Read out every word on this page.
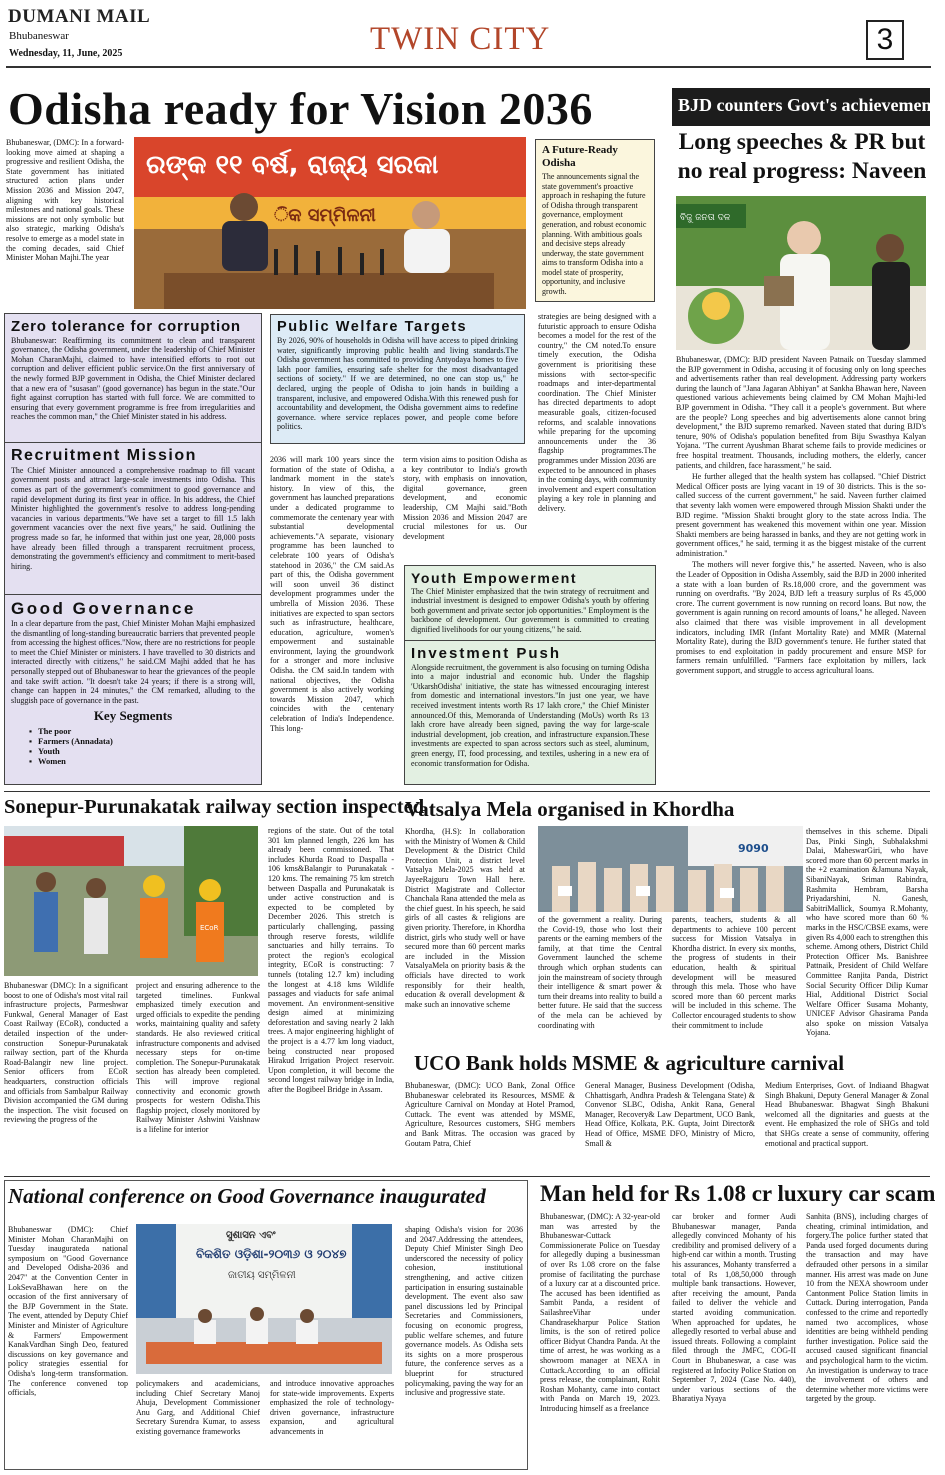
DUMANI MAIL
Bhubaneswar
Wednesday, 11, June, 2025	TWIN CITY	3
Odisha ready for Vision 2036
Bhubaneswar, (DMC): In a forward-looking move aimed at shaping a progressive and resilient Odisha, the State government has initiated structured action plans under Mission 2036 and Mission 2047, aligning with key historical milestones and national goals. These missions are not only symbolic but also strategic, marking Odisha's resolve to emerge as a model state in the coming decades, said Chief Minister Mohan Majhi.The year
ରଙ୍କ ୧୧ ବର୍ଷ, ରାଜ୍ୟ ସରକା
ିକ ସମ୍ମିଳନୀ
A Future-Ready Odisha
The announcements signal the state government's proactive approach in reshaping the future of Odisha through transparent governance, employment generation, and robust economic planning. With ambitious goals and decisive steps already underway, the state government aims to transform Odisha into a model state of prosperity, opportunity, and inclusive growth.
Zero tolerance for corruption
Bhubaneswar: Reaffirming its commitment to clean and transparent governance, the Odisha government, under the leadership of Chief Minister Mohan CharanMajhi, claimed to have intensified efforts to root out corruption and deliver efficient public service.On the first anniversary of the newly formed BJP government in Odisha, the Chief Minister declared that a new era of "susasan" (good governance) has begun in the state."Our fight against corruption has started with full force. We are committed to ensuring that every government programme is free from irregularities and reaches the common man," the Chief Minister stated in his address.
Recruitment Mission
The Chief Minister announced a comprehensive roadmap to fill vacant government posts and attract large-scale investments into Odisha. This comes as part of the government's commitment to good governance and rapid development during its first year in office. In his address, the Chief Minister highlighted the government's resolve to address long-pending vacancies in various departments."We have set a target to fill 1.5 lakh government vacancies over the next five years," he said. Outlining the progress made so far, he informed that within just one year, 28,000 posts have already been filled through a transparent recruitment process, demonstrating the government's efficiency and commitment to merit-based hiring.
Good Governance
In a clear departure from the past, Chief Minister Mohan Majhi emphasized the dismantling of long-standing bureaucratic barriers that prevented people from accessing the highest offices."Now, there are no restrictions for people to meet the Chief Minister or ministers. I have travelled to 30 districts and interacted directly with citizens," he said.CM Majhi added that he has personally stepped out of Bhubaneswar to hear the grievances of the people and take swift action. "It doesn't take 24 years; if there is a strong will, change can happen in 24 minutes," the CM remarked, alluding to the sluggish pace of governance in the past.
Key Segments
▪ The poor
▪ Farmers (Annadata)
▪ Youth
▪ Women
Public Welfare Targets
By 2026, 90% of households in Odisha will have access to piped drinking water, significantly improving public health and living standards.The Odisha government has committed to providing Antyodaya homes to five lakh poor families, ensuring safe shelter for the most disadvantaged sections of society." If we are determined, no one can stop us," he declared, urging the people of Odisha to join hands in building a transparent, inclusive, and empowered Odisha.With this renewed push for accountability and development, the Odisha government aims to redefine governance. where service replaces power, and people come before politics.
2036 will mark 100 years since the formation of the state of Odisha, a landmark moment in the state's history. In view of this, the government has launched preparations under a dedicated programme to commemorate the centenary year with substantial developmental achievements."A separate, visionary programme has been launched to celebrate 100 years of Odisha's statehood in 2036," the CM said.As part of this, the Odisha government will soon unveil 36 distinct development programmes under the umbrella of Mission 2036. These initiatives are expected to span sectors such as infrastructure, healthcare, education, agriculture, women's empowerment and sustainable environment, laying the groundwork for a stronger and more inclusive Odisha. the CM said.In tandem with national objectives, the Odisha government is also actively working towards Mission 2047, which coincides with the centenary celebration of India's Independence. This long-
term vision aims to position Odisha as a key contributor to India's growth story, with emphasis on innovation, digital governance, green development, and economic leadership, CM Majhi said."Both Mission 2036 and Mission 2047 are crucial milestones for us. Our development
strategies are being designed with a futuristic approach to ensure Odisha becomes a model for the rest of the country," the CM noted.To ensure timely execution, the Odisha government is prioritising these missions with sector-specific roadmaps and inter-departmental coordination. The Chief Minister has directed departments to adopt measurable goals, citizen-focused reforms, and scalable innovations while preparing for the upcoming announcements under the 36 flagship programmes.The programmes under Mission 2036 are expected to be announced in phases in the coming days, with community involvement and expert consultation playing a key role in planning and delivery.
Youth Empowerment
The Chief Minister emphasized that the twin strategy of recruitment and industrial investment is designed to empower Odisha's youth by offering both government and private sector job opportunities." Employment is the backbone of development. Our government is committed to creating dignified livelihoods for our young citizens," he said.
Investment Push
Alongside recruitment, the government is also focusing on turning Odisha into a major industrial and economic hub. Under the flagship 'UtkarshOdisha' initiative, the state has witnessed encouraging interest from domestic and international investors."In just one year, we have received investment intents worth Rs 17 lakh crore," the Chief Minister announced.Of this, Memoranda of Understanding (MoUs) worth Rs 13 lakh crore have already been signed, paving the way for large-scale industrial development, job creation, and infrastructure expansion.These investments are expected to span across sectors such as steel, aluminum, green energy, IT, food processing, and textiles, ushering in a new era of economic transformation for Odisha.
BJD counters Govt's achievements
Long speeches & PR but
no real progress: Naveen
ବିଜୁ ଜନତା ଦଳ

Bhubaneswar, (DMC): BJD president Naveen Patnaik on Tuesday slammed the BJP government in Odisha, accusing it of focusing only on long speeches and advertisements rather than real development. Addressing party workers during the launch of "Jana Jagaran Abhiyan" at Sankha Bhawan here, Naveen questioned various achievements being claimed by CM Mohan Majhi-led BJP government in Odisha. "They call it a people's government. But where are the people? Long speeches and big advertisements alone cannot bring development," the BJD supremo remarked. Naveen stated that during BJD's tenure, 90% of Odisha's population benefited from Biju Swasthya Kalyan Yojana. "The current Ayushman Bharat scheme fails to provide medicines or free hospital treatment. Thousands, including mothers, the elderly, cancer patients, and children, face harassment," he said.

He further alleged that the health system has collapsed. "Chief District Medical Officer posts are lying vacant in 19 of 30 districts. This is the so-called success of the current government," he said. Naveen further claimed that seventy lakh women were empowered through Mission Shakti under the BJD regime. "Mission Shakti brought glory to the state across India. The present government has weakened this movement within one year. Mission Shakti members are being harassed in banks, and they are not getting work in government offices," he said, terming it as the biggest mistake of the current administration."

The mothers will never forgive this," he asserted. Naveen, who is also the Leader of Opposition in Odisha Assembly, said the BJD in 2000 inherited a state with a loan burden of Rs.18,000 crore, and the government was running on overdrafts. "By 2024, BJD left a treasury surplus of Rs 45,000 crore. The current government is now running on record loans. But now, the government is again running on record amounts of loans," he alleged. Naveen also claimed that there was visible improvement in all development indicators, including IMR (Infant Mortality Rate) and MMR (Maternal Mortality Rate), during the BJD government's tenure. He further stated that promises to end exploitation in paddy procurement and ensure MSP for farmers remain unfulfilled. "Farmers face exploitation by millers, lack government support, and struggle to access agricultural loans.

Sonepur-Purunakatak railway section inspected
ECoR
Bhubaneswar (DMC): In a significant boost to one of Odisha's most vital rail infrastructure projects, Parmeshwar Funkwal, General Manager of East Coast Railway (ECoR), conducted a detailed inspection of the under-construction Sonepur-Purunakatak railway section, part of the Khurda Road-Balangir new line project. Senior officers from ECoR headquarters, construction officials and officials from Sambalpur Railway Division accompanied the GM during the inspection. The visit focused on reviewing the progress of the
project and ensuring adherence to the targeted timelines. Funkwal emphasized timely execution and urged officials to expedite the pending works, maintaining quality and safety standards. He also reviewed critical infrastructure components and advised necessary steps for on-time completion. The Sonepur-Purunakatak section has already been completed. This will improve regional connectivity and economic growth prospects for western Odisha.This flagship project, closely monitored by Railway Minister Ashwini Vaishnaw is a lifeline for interior
regions of the state. Out of the total 301 km planned length, 226 km has already been commissioned. That includes Khurda Road to Daspalla - 106 kms&Balangir to Purunakatak - 120 kms. The remaining 75 km stretch between Daspalla and Purunakatak is under active construction and is expected to be completed by December 2026. This stretch is particularly challenging, passing through reserve forests, wildlife sanctuaries and hilly terrains. To protect the region's ecological integrity, ECoR is constructing: 7 tunnels (totaling 12.7 km) including the longest at 4.18 kms Wildlife passages and viaducts for safe animal movement. An environment-sensitive design aimed at minimizing deforestation and saving nearly 2 lakh trees. A major engineering highlight of the project is a 4.77 km long viaduct, being constructed near proposed Hirakud Irrigation Project reservoir. Upon completion, it will become the second longest railway bridge in India, after the Bogibeel Bridge in Assam.
Vatsalya Mela organised in Khordha
Khordha, (H.S): In collaboration with the Ministry of Women & Child Development & the District Child Protection Unit, a district level Vatsalya Mela-2025 was held at JayeeRajguru Town Hall here. District Magistrate and Collector Chanchala Rana attended the mela as the chief guest. In his speech, he said girls of all castes & religions are given priority. Therefore, in Khordha district, girls who study well or have secured more than 60 percent marks are included in the Mission VatsalyaMela on priority basis & the officials have directed to work responsibly for their health, education & overall development & make such an innovative scheme
9090
of the government a reality. During the Covid-19, those who lost their parents or the earning members of the family, at that time the Central Government launched the scheme through which orphan students can join the mainstream of society through their intelligence & smart power & turn their dreams into reality to build a better future. He said that the success of the mela can be achieved by coordinating with
parents, teachers, students & all departments to achieve 100 percent success for Mission Vatsalya in Khordha district. In every six months, the progress of students in their education, health & spiritual development will be measured through this mela. Those who have scored more than 60 percent marks will be included in this scheme. The Collector encouraged students to show their commitment to include
themselves in this scheme. Dipali Das, Pinki Singh, Subhalakshmi Dalai, MaheswarGiri, who have scored more than 60 percent marks in the +2 examination &Jamuna Nayak, SibaniNayak, Sriman Rabindra, Rashmita Hembram, Barsha Priyadarshini, N. Ganesh, SabitriMallick, Soumya R.Mohanty, who have scored more than 60 % marks in the HSC/CBSE exams, were given Rs 4,000 each to strengthen this scheme. Among others, District Child Protection Officer Ms. Banishree Pattnaik, President of Child Welfare Committee Ranjita Panda, District Social Security Officer Dilip Kumar Hial, Additional District Social Welfare Officer Susama Mohanty, UNICEF Advisor Ghasirama Panda also spoke on mission Vatsalya Yojana.
UCO Bank holds MSME & agriculture carnival
Bhubaneswar, (DMC): UCO Bank, Zonal Office Bhubaneswar celebrated its Resources, MSME & Agriculture Carnival on Monday at Hotel Pramod, Cuttack. The event was attended by MSME, Agriculture, Resources customers, SHG members and Bank Mitras. The occasion was graced by Goutam Patra, Chief
General Manager, Business Development (Odisha, Chhattisgarh, Andhra Pradesh & Telengana State) & Convenor SLBC, Odisha, Ankit Rana, General Manager, Recovery& Law Department, UCO Bank, Head Office, Kolkata, P.K. Gupta, Joint Director& Head of Office, MSME DFO, Ministry of Micro, Small &
Medium Enterprises, Govt. of Indiaand Bhagwat Singh Bhakuni, Deputy General Manager & Zonal Head Bhubaneswar. Bhagwat Singh Bhakuni welcomed all the dignitaries and guests at the event. He emphasized the role of SHGs and told that SHGs create a sense of community, offering emotional and practical support.
National conference on Good Governance inaugurated
Bhubaneswar (DMC): Chief Minister Mohan CharanMajhi on Tuesday inaugurateda national symposium on "Good Governance and Developed Odisha-2036 and 2047" at the Convention Center in LokSevaBhawan here on the occasion of the first anniversary of the BJP Government in the State. The event, attended by Deputy Chief Minister and Minister of Agriculture & Farmers' Empowerment KanakVardhan Singh Deo, featured discussions on key governance and policy strategies essential for Odisha's long-term transformation. The conference convened top officials,
ସୁଶାସନ ଏବଂ
ବିକଶିତ ଓଡ଼ିଶା-୨୦୩୬ ଓ ୨୦୪୭
ଜାତୀୟ ସମ୍ମିଳନୀ
policymakers and academicians, including Chief Secretary Manoj Ahuja, Development Commissioner Anu Garg, and Additional Chief Secretary Surendra Kumar, to assess existing governance frameworks
and introduce innovative approaches for state-wide improvements. Experts emphasized the role of technology-driven governance, infrastructure expansion, and agricultural advancements in
shaping Odisha's vision for 2036 and 2047.Addressing the attendees, Deputy Chief Minister Singh Deo underscored the necessity of policy cohesion, institutional strengthening, and active citizen participation in ensuring sustainable development. The event also saw panel discussions led by Principal Secretaries and Commissioners, focusing on economic progress, public welfare schemes, and future governance models. As Odisha sets its sights on a more prosperous future, the conference serves as a blueprint for structured policymaking, paving the way for an inclusive and progressive state.
Man held for Rs 1.08 cr luxury car scam
Bhubaneswar, (DMC): A 32-year-old man was arrested by the Bhubaneswar-Cuttack Commissionerate Police on Tuesday for allegedly duping a businessman of over Rs 1.08 crore on the false promise of facilitating the purchase of a luxury car at a discounted price. The accused has been identified as Sambit Panda, a resident of SailashreeVihar under Chandrasekharpur Police Station limits, is the son of retired police officer Bidyut Chandra Panda. At the time of arrest, he was working as a showroom manager at NEXA in Cuttack.According to an official press release, the complainant, Rohit Roshan Mohanty, came into contact with Panda on March 19, 2023. Introducing himself as a freelance
car broker and former Audi Bhubaneswar manager, Panda allegedly convinced Mohanty of his credibility and promised delivery of a high-end car within a month. Trusting his assurances, Mohanty transferred a total of Rs 1,08,50,000 through multiple bank transactions. However, after receiving the amount, Panda failed to deliver the vehicle and started avoiding communication. When approached for updates, he allegedly resorted to verbal abuse and issued threats. Following a complaint filed through the JMFC, COG-II Court in Bhubaneswar, a case was registered at Infocity Police Station on September 7, 2024 (Case No. 440), under various sections of the Bharatiya Nyaya
Sanhita (BNS), including charges of cheating, criminal intimidation, and forgery.The police further stated that Panda used forged documents during the transaction and may have defrauded other persons in a similar manner. His arrest was made on June 10 from the NEXA showroom under Cantonment Police Station limits in Cuttack. During interrogation, Panda confessed to the crime and reportedly named two accomplices, whose identities are being withheld pending further investigation. Police said the accused caused significant financial and psychological harm to the victim. An investigation is underway to trace the involvement of others and determine whether more victims were targeted by the group.
